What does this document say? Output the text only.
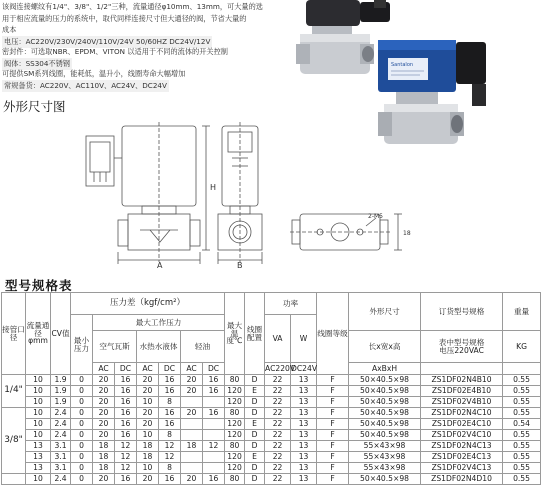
该阀连接螺纹有1/4"、3/8"、1/2"三种，流量通径φ10mm、13mm，可大量的选
用于相应流量的压力的系统中，取代同样连接尺寸但大通径的阀，节省大量的
成本
电压：AC220V/230V/240V/110V/24V 50/60HZ DC24V/12V
密封件：可选取NBR、EPDM、VITON 以适用于不同的流体的开关控制
阀体：SS304不锈钢
可提供SM系列线圈，能耗低，温升小，线圈寿命大幅增加
常规备货：AC220V、AC110V、AC24V、DC24V
Santalon
外形尺寸图
A
H
B
2-M5
18
型号规格表
接管口径	流量通径φmm	CV值	压力差（kgf/cm²）							最大温度℃	线圈配置	功率		线圈等级	外形尺寸	订货型号规格	重量
			最小压力	最大工作压力								VA	W				
				空气瓦斯		水热水液体		轻油							长x宽x高	表中型号规格
电压220VAC	KG
				AC	DC	AC	DC	AC	DC			AC220V	DC24V		AxBxH		
1/4"	10	1.9	0	20	16	20	16	20	16	80	D	22	13	F	50×40.5×98	ZS1DF02N4B10	0.55
	10	1.9	0	20	16	20	16	20	16	120	E	22	13	F	50×40.5×98	ZS1DF02E4B10	0.55
	10	1.9	0	20	16	10	8			120	D	22	13	F	50×40.5×98	ZS1DF02V4B10	0.55
3/8"	10	2.4	0	20	16	20	16	20	16	80	D	22	13	F	50×40.5×98	ZS1DF02N4C10	0.55
	10	2.4	0	20	16	20	16			120	E	22	13	F	50×40.5×98	ZS1DF02E4C10	0.54
	10	2.4	0	20	16	10	8			120	D	22	13	F	50×40.5×98	ZS1DF02V4C10	0.55
	13	3.1	0	18	12	18	12	18	12	80	D	22	13	F	55×43×98	ZS1DF02N4C13	0.55
	13	3.1	0	18	12	18	12			120	E	22	13	F	55×43×98	ZS1DF02E4C13	0.55
	13	3.1	0	18	12	10	8			120	D	22	13	F	55×43×98	ZS1DF02V4C13	0.55
	10	2.4	0	20	16	20	16	20	16	80	D	22	13	F	50×40.5×98	ZS1DF02N4D10	0.55
